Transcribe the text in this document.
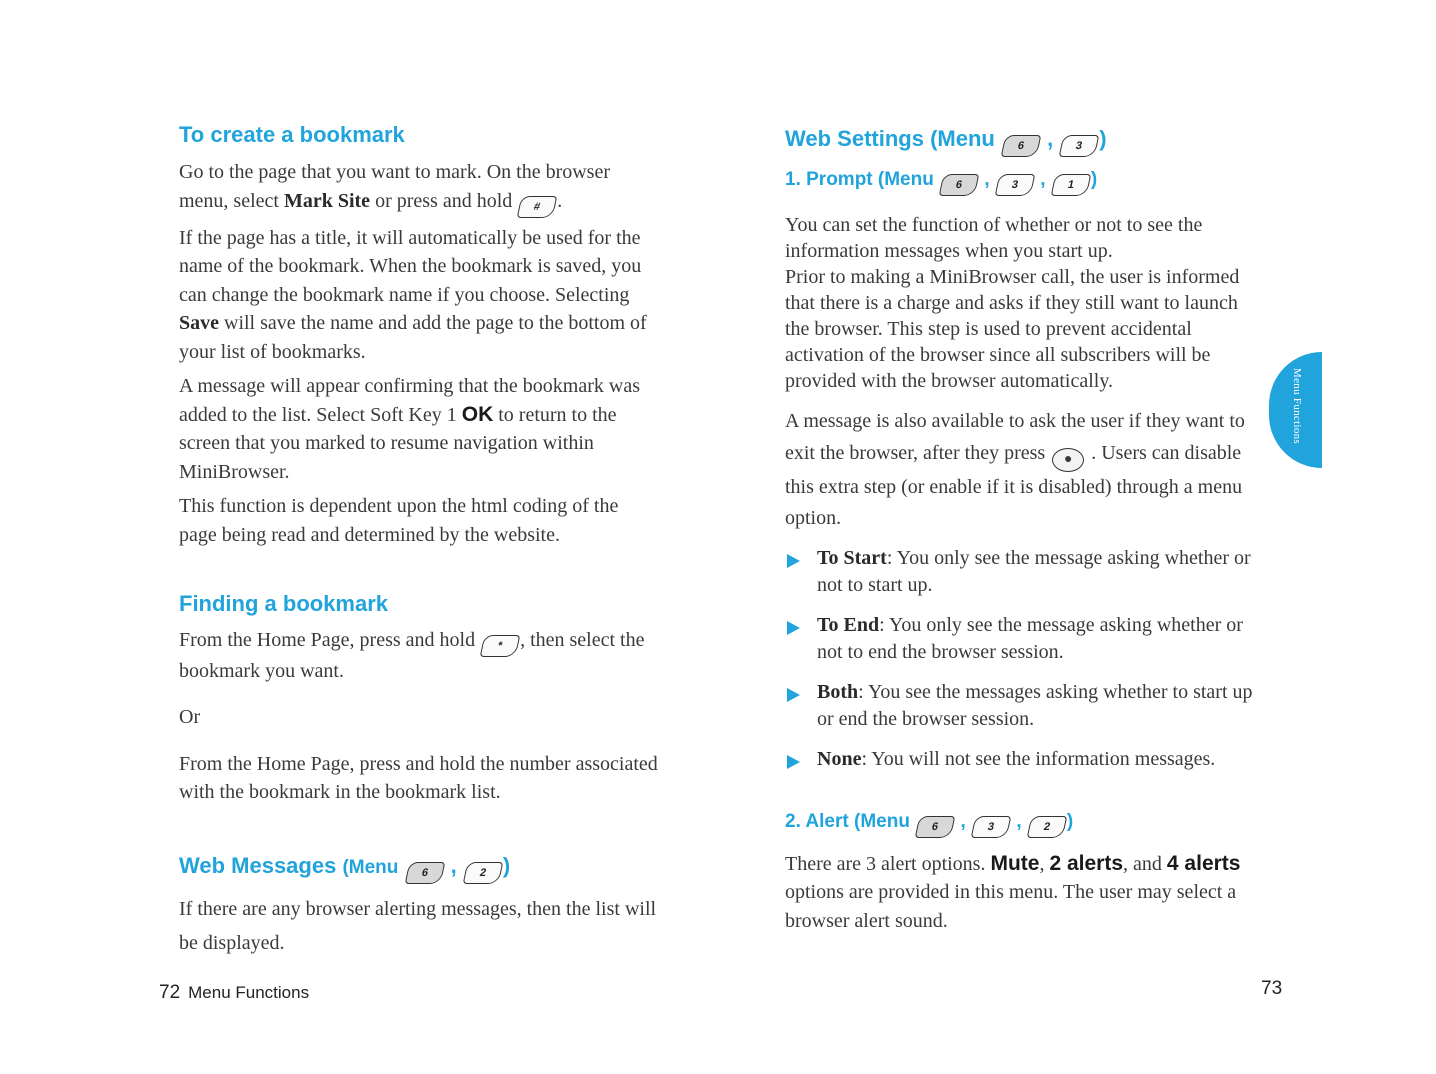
To create a bookmark

Go to the page that you want to mark. On the browser menu, select Mark Site or press and hold # .

If the page has a title, it will automatically be used for the name of the bookmark. When the bookmark is saved, you can change the bookmark name if you choose. Selecting Save will save the name and add the page to the bottom of your list of bookmarks.

A message will appear confirming that the bookmark was added to the list. Select Soft Key 1 OK to return to the screen that you marked to resume navigation within MiniBrowser.

This function is dependent upon the html coding of the page being read and determined by the website.

Finding a bookmark

From the Home Page, press and hold * , then select the bookmark you want.

Or

From the Home Page, press and hold the number associated with the bookmark in the bookmark list.

Web Messages (Menu 6 , 2 )

If there are any browser alerting messages, then the list will be displayed.

Web Settings (Menu 6 , 3 )
1. Prompt (Menu 6 , 3 , 1 )

You can set the function of whether or not to see the information messages when you start up.

Prior to making a MiniBrowser call, the user is informed that there is a charge and asks if they still want to launch the browser. This step is used to prevent accidental activation of the browser since all subscribers will be provided with the browser automatically.

A message is also available to ask the user if they want to exit the browser, after they press ● . Users can disable this extra step (or enable if it is disabled) through a menu option.

To Start: You only see the message asking whether or not to start up.

To End: You only see the message asking whether or not to end the browser session.

Both: You see the messages asking whether to start up or end the browser session.

None: You will not see the information messages.

2. Alert (Menu 6 , 3 , 2 )

There are 3 alert options. Mute, 2 alerts, and 4 alerts options are provided in this menu. The user may select a browser alert sound.

Menu Functions
72 Menu Functions	73
